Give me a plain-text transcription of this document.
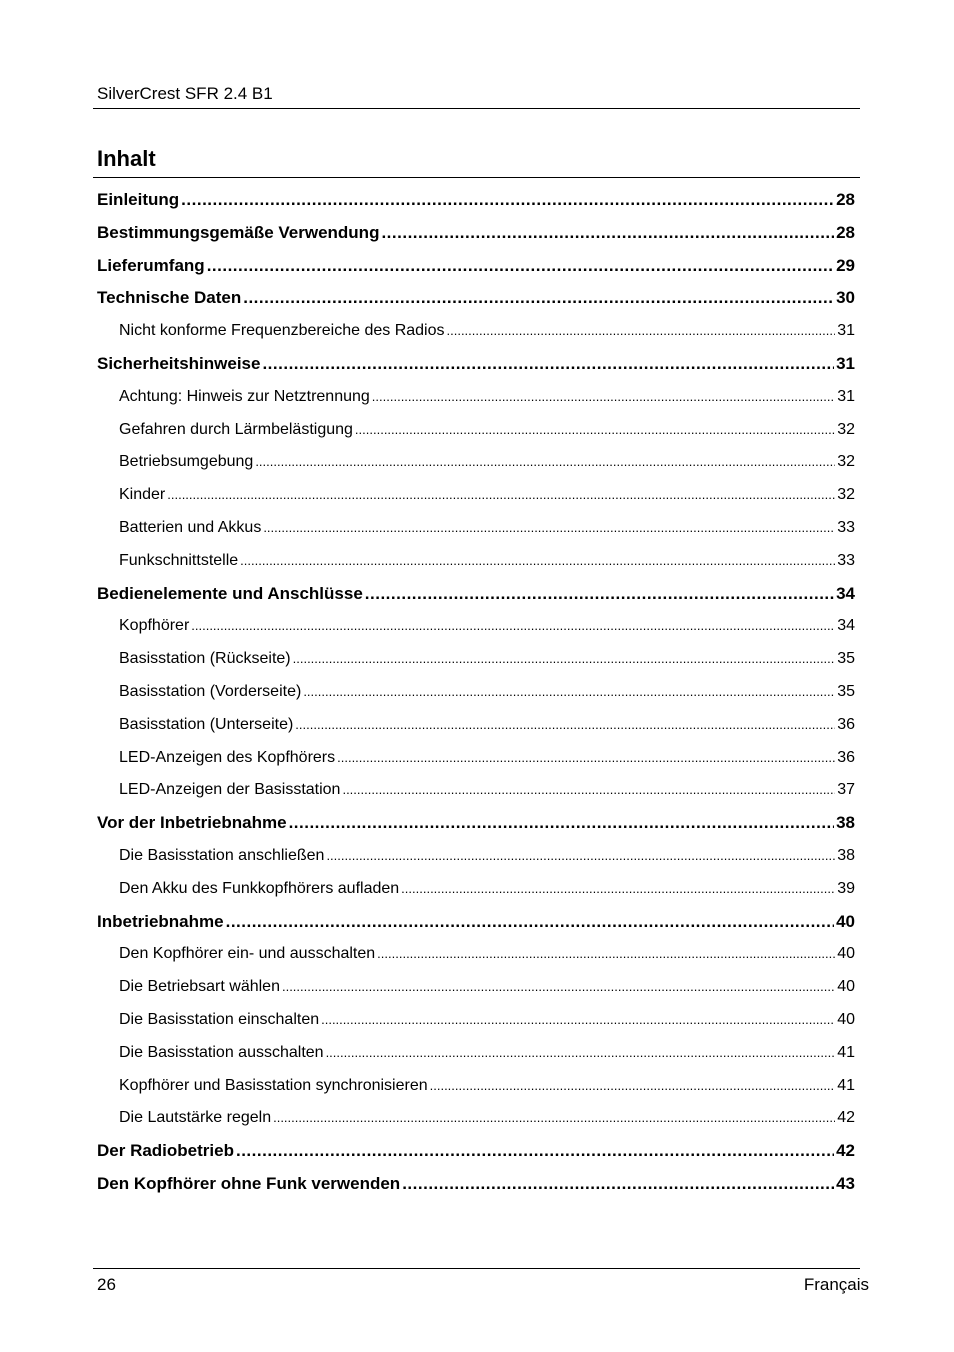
SilverCrest SFR 2.4 B1
Inhalt
Einleitung .....	28
Bestimmungsgemäße Verwendung .....	28
Lieferumfang .....	29
Technische Daten .....	30
Nicht konforme Frequenzbereiche des Radios .....	31
Sicherheitshinweise .....	31
Achtung: Hinweis zur Netztrennung .....	31
Gefahren durch Lärmbelästigung .....	32
Betriebsumgebung .....	32
Kinder .....	32
Batterien und Akkus .....	33
Funkschnittstelle .....	33
Bedienelemente und Anschlüsse .....	34
Kopfhörer .....	34
Basisstation (Rückseite) .....	35
Basisstation (Vorderseite) .....	35
Basisstation (Unterseite) .....	36
LED-Anzeigen des Kopfhörers .....	36
LED-Anzeigen der Basisstation .....	37
Vor der Inbetriebnahme .....	38
Die Basisstation anschließen .....	38
Den Akku des Funkkopfhörers aufladen .....	39
Inbetriebnahme .....	40
Den Kopfhörer ein- und ausschalten .....	40
Die Betriebsart wählen .....	40
Die Basisstation einschalten .....	40
Die Basisstation ausschalten .....	41
Kopfhörer und Basisstation synchronisieren .....	41
Die Lautstärke regeln .....	42
Der Radiobetrieb .....	42
Den Kopfhörer ohne Funk verwenden .....	43
26	Français
